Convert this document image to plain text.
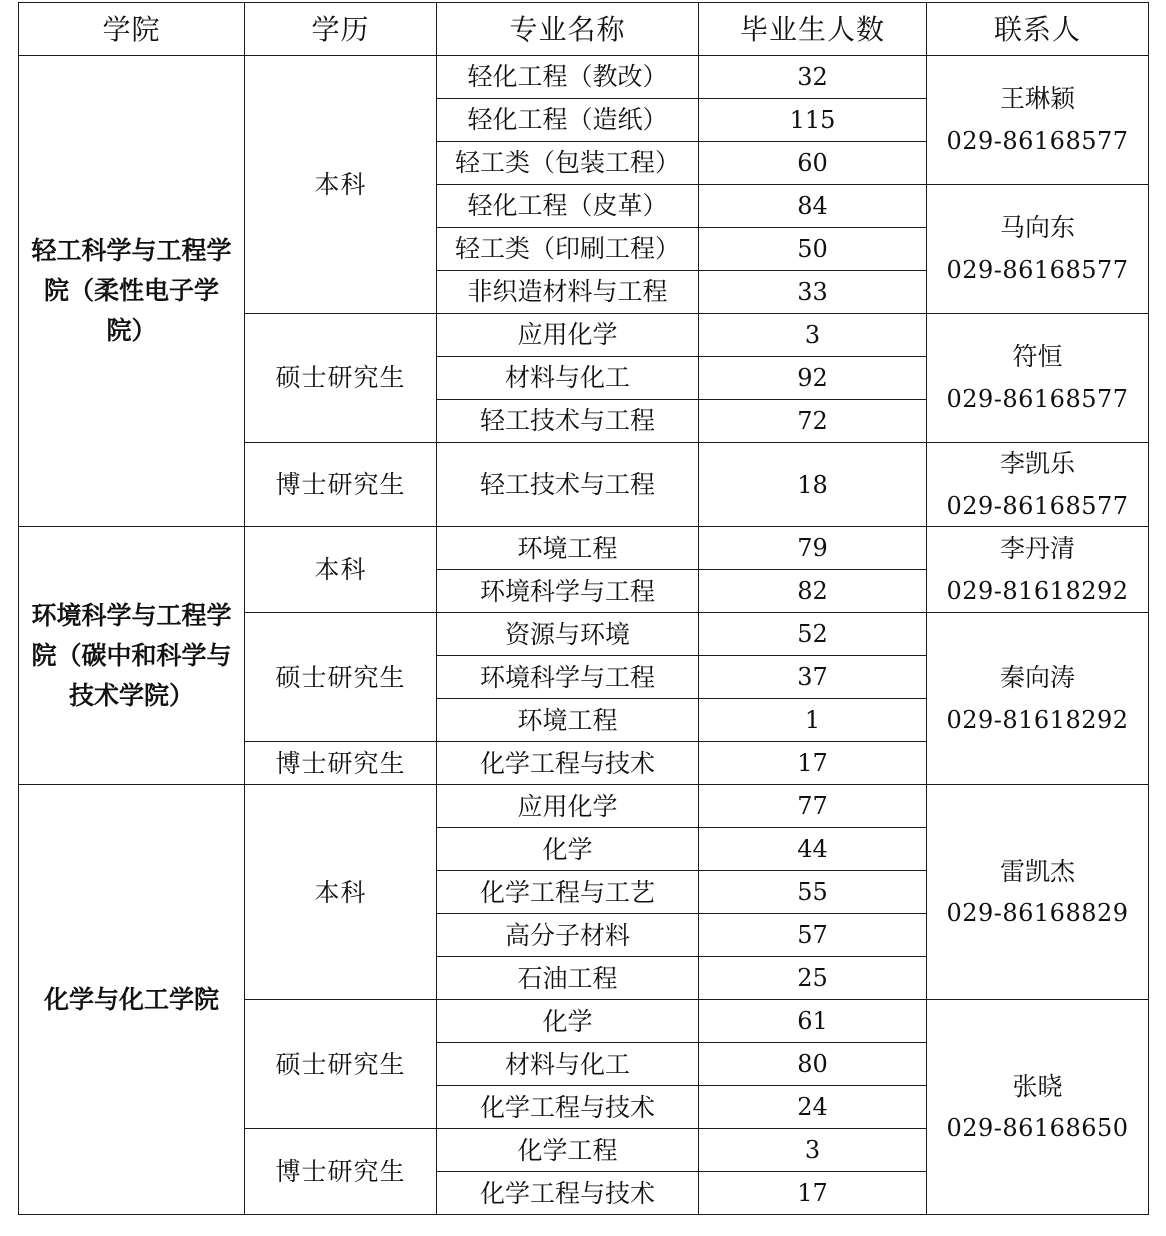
学院	学历	专业名称	毕业生人数	联系人
轻工科学与工程学院（柔性电子学院）	本科	轻化工程（教改）	32	王琳颖
029-86168577

		轻化工程（造纸）	115	
		轻工类（包装工程）	60	
		轻化工程（皮革）	84	马向东
029-86168577

		轻工类（印刷工程）	50	
		非织造材料与工程	33	
	硕士研究生	应用化学	3	符恒
029-86168577

		材料与化工	92	
		轻工技术与工程	72	
	博士研究生	轻工技术与工程	18	李凯乐
029-86168577

环境科学与工程学院（碳中和科学与技术学院）	本科	环境工程	79	李丹清
029-81618292

		环境科学与工程	82	
	硕士研究生	资源与环境	52	秦向涛
029-81618292

		环境科学与工程	37	
		环境工程	1	
	博士研究生	化学工程与技术	17	
化学与化工学院	本科	应用化学	77	雷凯杰
029-86168829

		化学	44	
		化学工程与工艺	55	
		高分子材料	57	
		石油工程	25	
	硕士研究生	化学	61	张晓
029-86168650

		材料与化工	80	
		化学工程与技术	24	
	博士研究生	化学工程	3	
		化学工程与技术	17	
